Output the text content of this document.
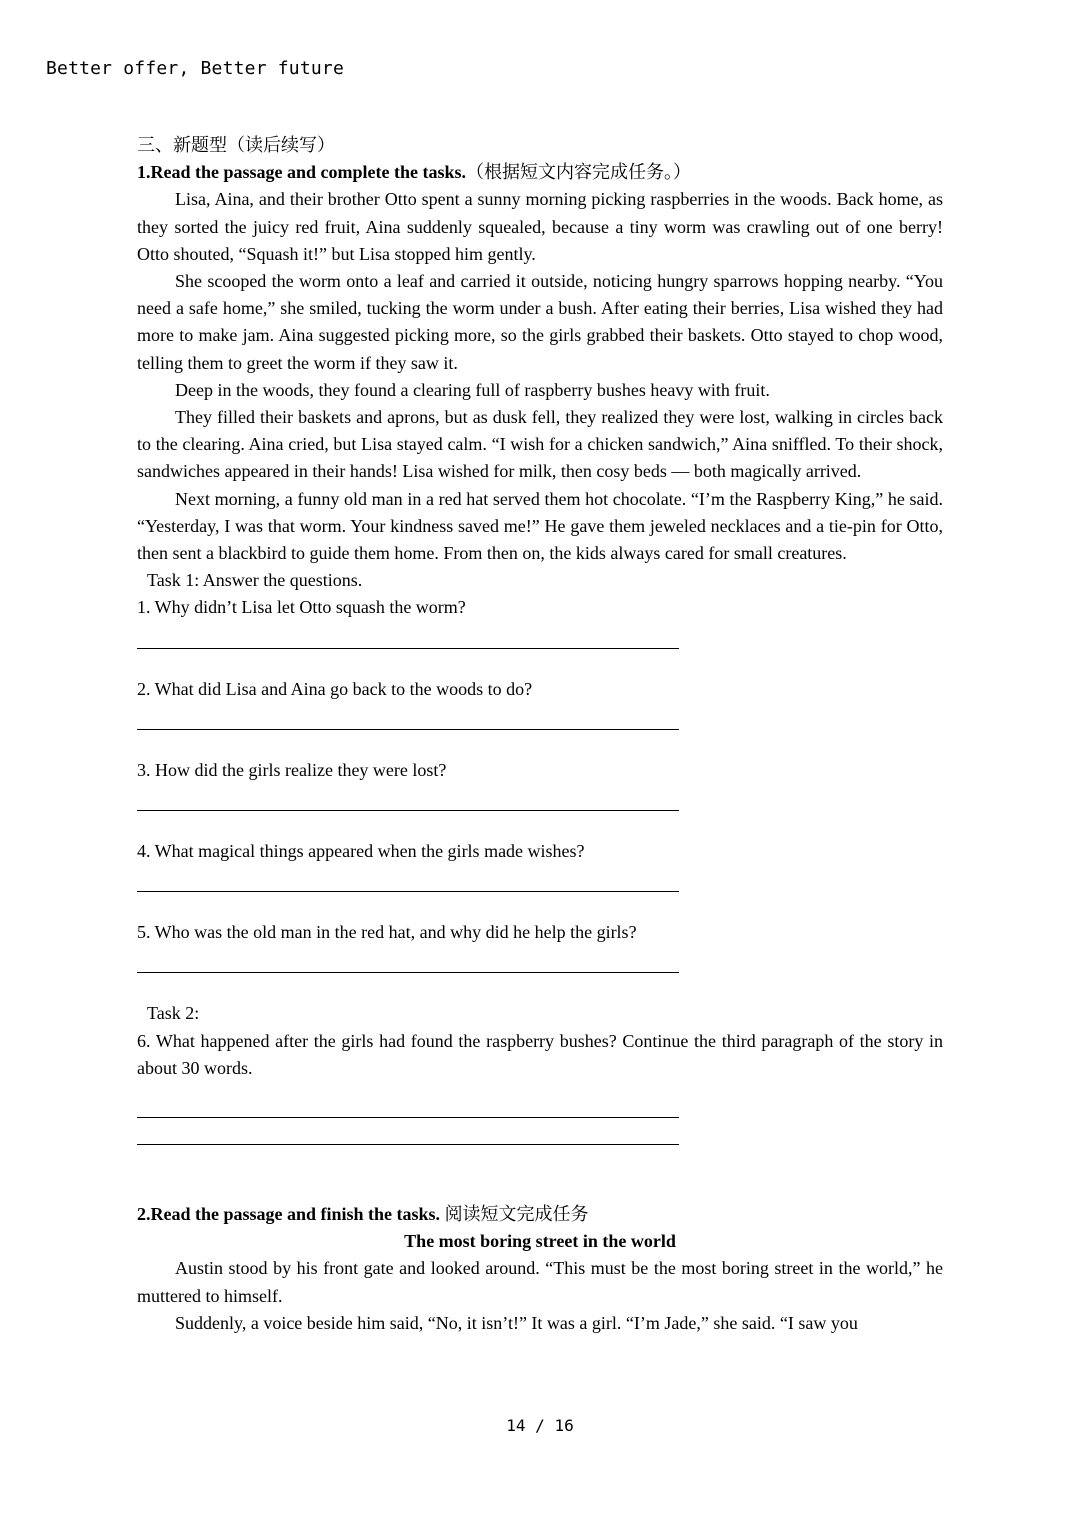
Better offer, Better future

三、新题型（读后续写）

1.Read the passage and complete the tasks.（根据短文内容完成任务。）

Lisa, Aina, and their brother Otto spent a sunny morning picking raspberries in the woods. Back home, as they sorted the juicy red fruit, Aina suddenly squealed, because a tiny worm was crawling out of one berry! Otto shouted, “Squash it!” but Lisa stopped him gently.

She scooped the worm onto a leaf and carried it outside, noticing hungry sparrows hopping nearby. “You need a safe home,” she smiled, tucking the worm under a bush. After eating their berries, Lisa wished they had more to make jam. Aina suggested picking more, so the girls grabbed their baskets. Otto stayed to chop wood, telling them to greet the worm if they saw it.

Deep in the woods, they found a clearing full of raspberry bushes heavy with fruit.

They filled their baskets and aprons, but as dusk fell, they realized they were lost, walking in circles back to the clearing. Aina cried, but Lisa stayed calm. “I wish for a chicken sandwich,” Aina sniffled. To their shock, sandwiches appeared in their hands! Lisa wished for milk, then cosy beds — both magically arrived.

Next morning, a funny old man in a red hat served them hot chocolate. “I’m the Raspberry King,” he said. “Yesterday, I was that worm. Your kindness saved me!” He gave them jeweled necklaces and a tie-pin for Otto, then sent a blackbird to guide them home. From then on, the kids always cared for small creatures.

Task 1: Answer the questions.

1. Why didn’t Lisa let Otto squash the worm?

2. What did Lisa and Aina go back to the woods to do?

3. How did the girls realize they were lost?

4. What magical things appeared when the girls made wishes?

5. Who was the old man in the red hat, and why did he help the girls?

Task 2:

6. What happened after the girls had found the raspberry bushes? Continue the third paragraph of the story in about 30 words.

2.Read the passage and finish the tasks. 阅读短文完成任务

The most boring street in the world

Austin stood by his front gate and looked around. “This must be the most boring street in the world,” he muttered to himself.

Suddenly, a voice beside him said, “No, it isn’t!” It was a girl. “I’m Jade,” she said. “I saw you

14 / 16
